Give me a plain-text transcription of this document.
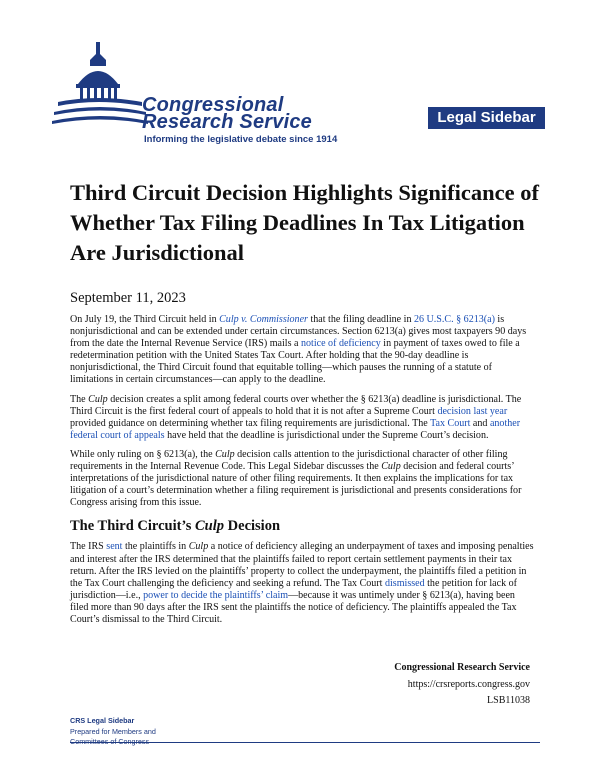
Congressional
Research Service
Informing the legislative debate since 1914
Legal Sidebar
Third Circuit Decision Highlights Significance of Whether Tax Filing Deadlines In Tax Litigation Are Jurisdictional
September 11, 2023

On July 19, the Third Circuit held in Culp v. Commissioner that the filing deadline in 26 U.S.C. § 6213(a) is nonjurisdictional and can be extended under certain circumstances. Section 6213(a) gives most taxpayers 90 days from the date the Internal Revenue Service (IRS) mails a notice of deficiency in payment of taxes owed to file a redetermination petition with the United States Tax Court. After holding that the 90-day deadline is nonjurisdictional, the Third Circuit found that equitable tolling—which pauses the running of a statute of limitations in certain circumstances—can apply to the deadline.

The Culp decision creates a split among federal courts over whether the § 6213(a) deadline is jurisdictional. The Third Circuit is the first federal court of appeals to hold that it is not after a Supreme Court decision last year provided guidance on determining whether tax filing requirements are jurisdictional. The Tax Court and another federal court of appeals have held that the deadline is jurisdictional under the Supreme Court’s decision.

While only ruling on § 6213(a), the Culp decision calls attention to the jurisdictional character of other filing requirements in the Internal Revenue Code. This Legal Sidebar discusses the Culp decision and federal courts’ interpretations of the jurisdictional nature of other filing requirements. It then explains the implications for tax litigation of a court’s determination whether a filing requirement is jurisdictional and presents considerations for Congress arising from this issue.

The Third Circuit’s Culp Decision

The IRS sent the plaintiffs in Culp a notice of deficiency alleging an underpayment of taxes and imposing penalties and interest after the IRS determined that the plaintiffs failed to report certain settlement payments in their tax return. After the IRS levied on the plaintiffs’ property to collect the underpayment, the plaintiffs filed a petition in the Tax Court challenging the deficiency and seeking a refund. The Tax Court dismissed the petition for lack of jurisdiction—i.e., power to decide the plaintiffs’ claim—because it was untimely under § 6213(a), having been filed more than 90 days after the IRS sent the plaintiffs the notice of deficiency. The plaintiffs appealed the Tax Court’s dismissal to the Third Circuit.

Congressional Research Service
https://crsreports.congress.gov
LSB11038
CRS Legal Sidebar
Prepared for Members and
